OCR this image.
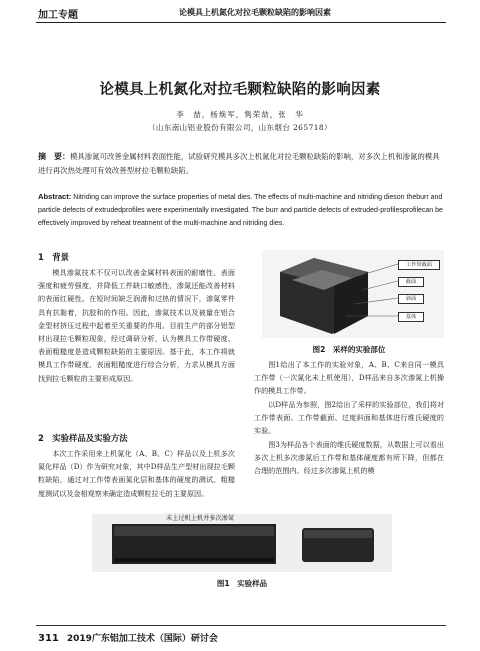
加工专题	论模具上机氮化对拉毛颗粒缺陷的影响因素
论模具上机氮化对拉毛颗粒缺陷的影响因素
李　喆，杨焕军，隽荣劼，张　华
（山东南山铝业股份有限公司，山东烟台 265718）
摘　要：模具渗氮可改善金属材料表面性能，试验研究模具多次上机氮化对拉毛颗粒缺陷的影响，对多次上机和渗氮的模具进行再次热处理可有效改善型材拉毛颗粒缺陷。
Abstract: Nitriding can improve the surface properties of metal dies. The effects of multi-machine and nitriding dieson theburr and particle defects of extrudedprofiles were experimentally investigated. The burr and particle defects of extruded-profilesprofilecan be effectively improved by reheat treatment of the multi-machine and nitriding dies.
1　背景
模具渗氮技术不仅可以改善金属材料表面的耐磨性、表面强度和疲劳强度，并降低工件缺口敏感性，渗氮还能改善材料的表面红硬性。在短时间缺乏润滑和过热的情况下，渗氮零件具有抗黏着，抗胶和的作用。因此，渗氮技术以及被量在铝合金型材挤压过程中起着至关重要的作用。目前生产的部分铝型材出现拉毛颗粒现象，经过调研分析，认为模具工作带硬度、表面粗糙度是造成颗粒缺陷的主要原因。基于此，本工作将就模具工作带硬度、表面粗糙度进行综合分析，力求从模具方面找到拉毛颗粒的主要形成原因。
2　实验样品及实验方法
本次工作采用来上机氮化（A、B、C）样品以及上机多次氮化样品（D）作为研究对象，其中D样品生产型材出现拉毛颗粒缺陷，通过对工作带表面氮化层和基体的硬度的测试、粗糙度测试以及金相观察来确定造成颗粒拉毛的主要原因。
工作带截面
截面
斜面
基体
图2　采样的实验部位
图1给出了本工作的实验对象，A、B、C来自同一模具工作带（一次氮化未上机使用），D样品来自多次渗氮上机操作的模具工作带。
以D样品为参照，图2给出了采样的实验部位，我们将对工作带表面、工作带截面、过度斜面和基体进行维氏硬度的实验。
图3为样品各个表面的维氏硬度数据，从数据上可以看出多次上机多次渗氮后工作带和基体硬度都有所下降，但都在合理的范围内。经过多次渗氮上机的模
未上过机上机并多次渗氮
图1　实验样品
311 2019广东铝加工技术（国际）研讨会
